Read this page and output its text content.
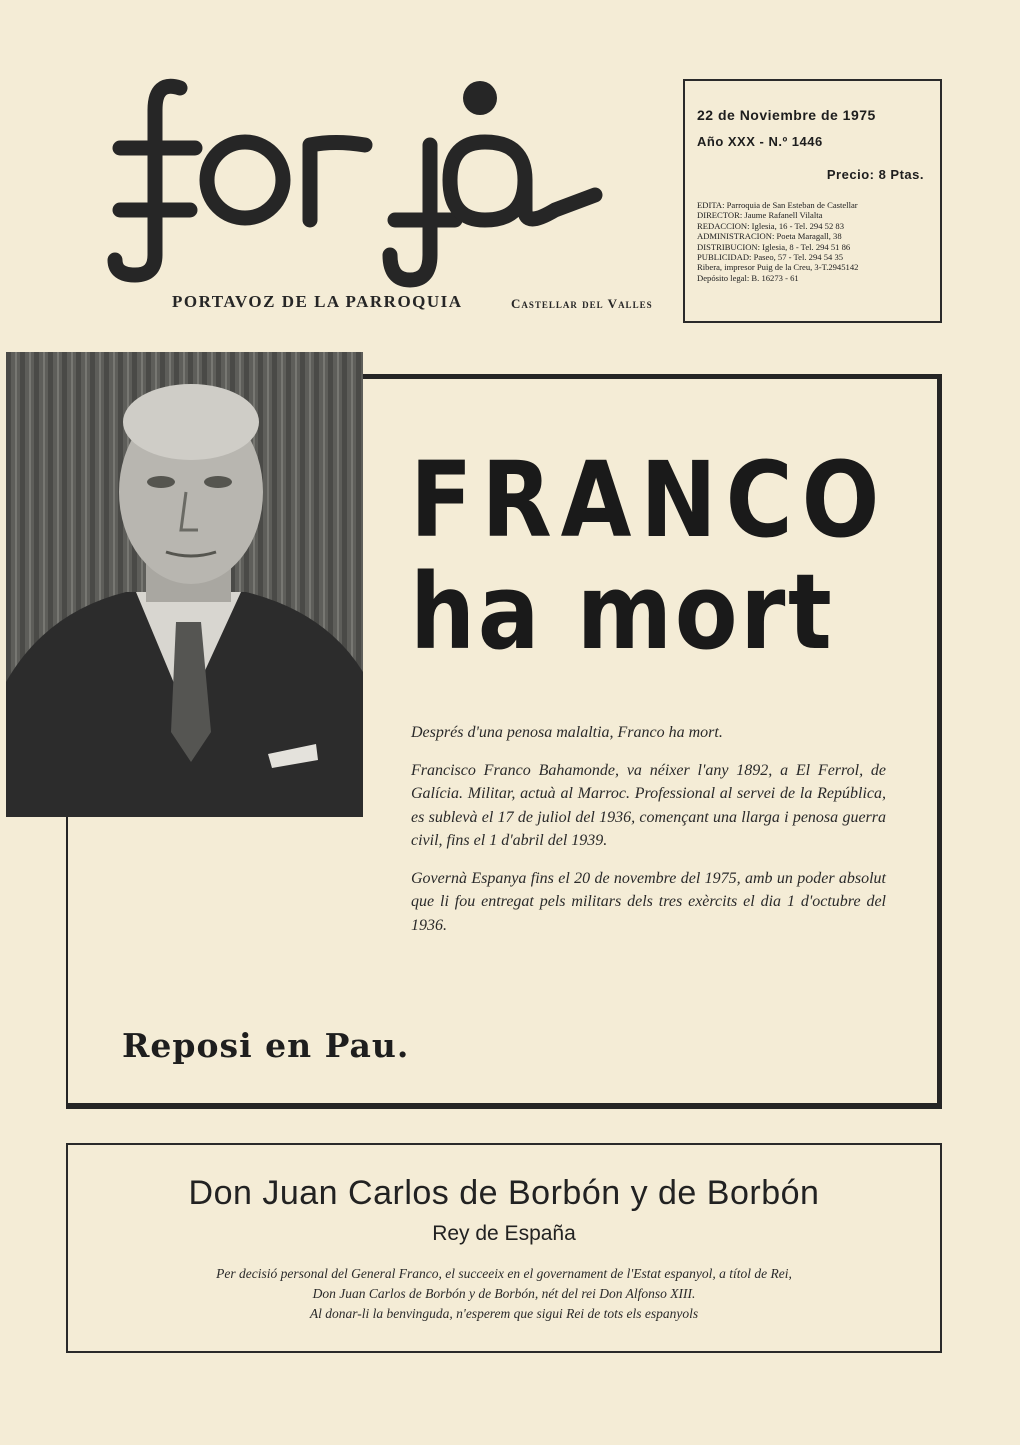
PORTAVOZ DE LA PARROQUIA	Castellar del Valles
22 de Noviembre de 1975
Año XXX - N.º 1446
Precio: 8 Ptas.
EDITA: Parroquia de San Esteban de Castellar
DIRECTOR: Jaume Rafanell Vilalta
REDACCION: Iglesia, 16 - Tel. 294 52 83
ADMINISTRACION: Poeta Maragall, 38
DISTRIBUCION: Iglesia, 8 - Tel. 294 51 86
PUBLICIDAD: Paseo, 57 - Tel. 294 54 35
Ribera, impresor Puig de la Creu, 3-T.2945142
Depósito legal: B. 16273 - 61
FRANCO
ha mort

Després d'una penosa malaltia, Franco ha mort.

Francisco Franco Bahamonde, va néixer l'any 1892, a El Ferrol, de Galícia. Militar, actuà al Marroc. Professional al servei de la República, es sublevà el 17 de juliol del 1936, començant una llarga i penosa guerra civil, fins el 1 d'abril del 1939.

Governà Espanya fins el 20 de novembre del 1975, amb un poder absolut que li fou entregat pels militars dels tres exèrcits el dia 1 d'octubre del 1936.

Reposi en Pau.
Don Juan Carlos de Borbón y de Borbón
Rey de España
Per decisió personal del General Franco, el succeeix en el governament de l'Estat espanyol, a títol de Rei,
Don Juan Carlos de Borbón y de Borbón, nét del rei Don Alfonso XIII.
Al donar-li la benvinguda, n'esperem que sigui Rei de tots els espanyols
